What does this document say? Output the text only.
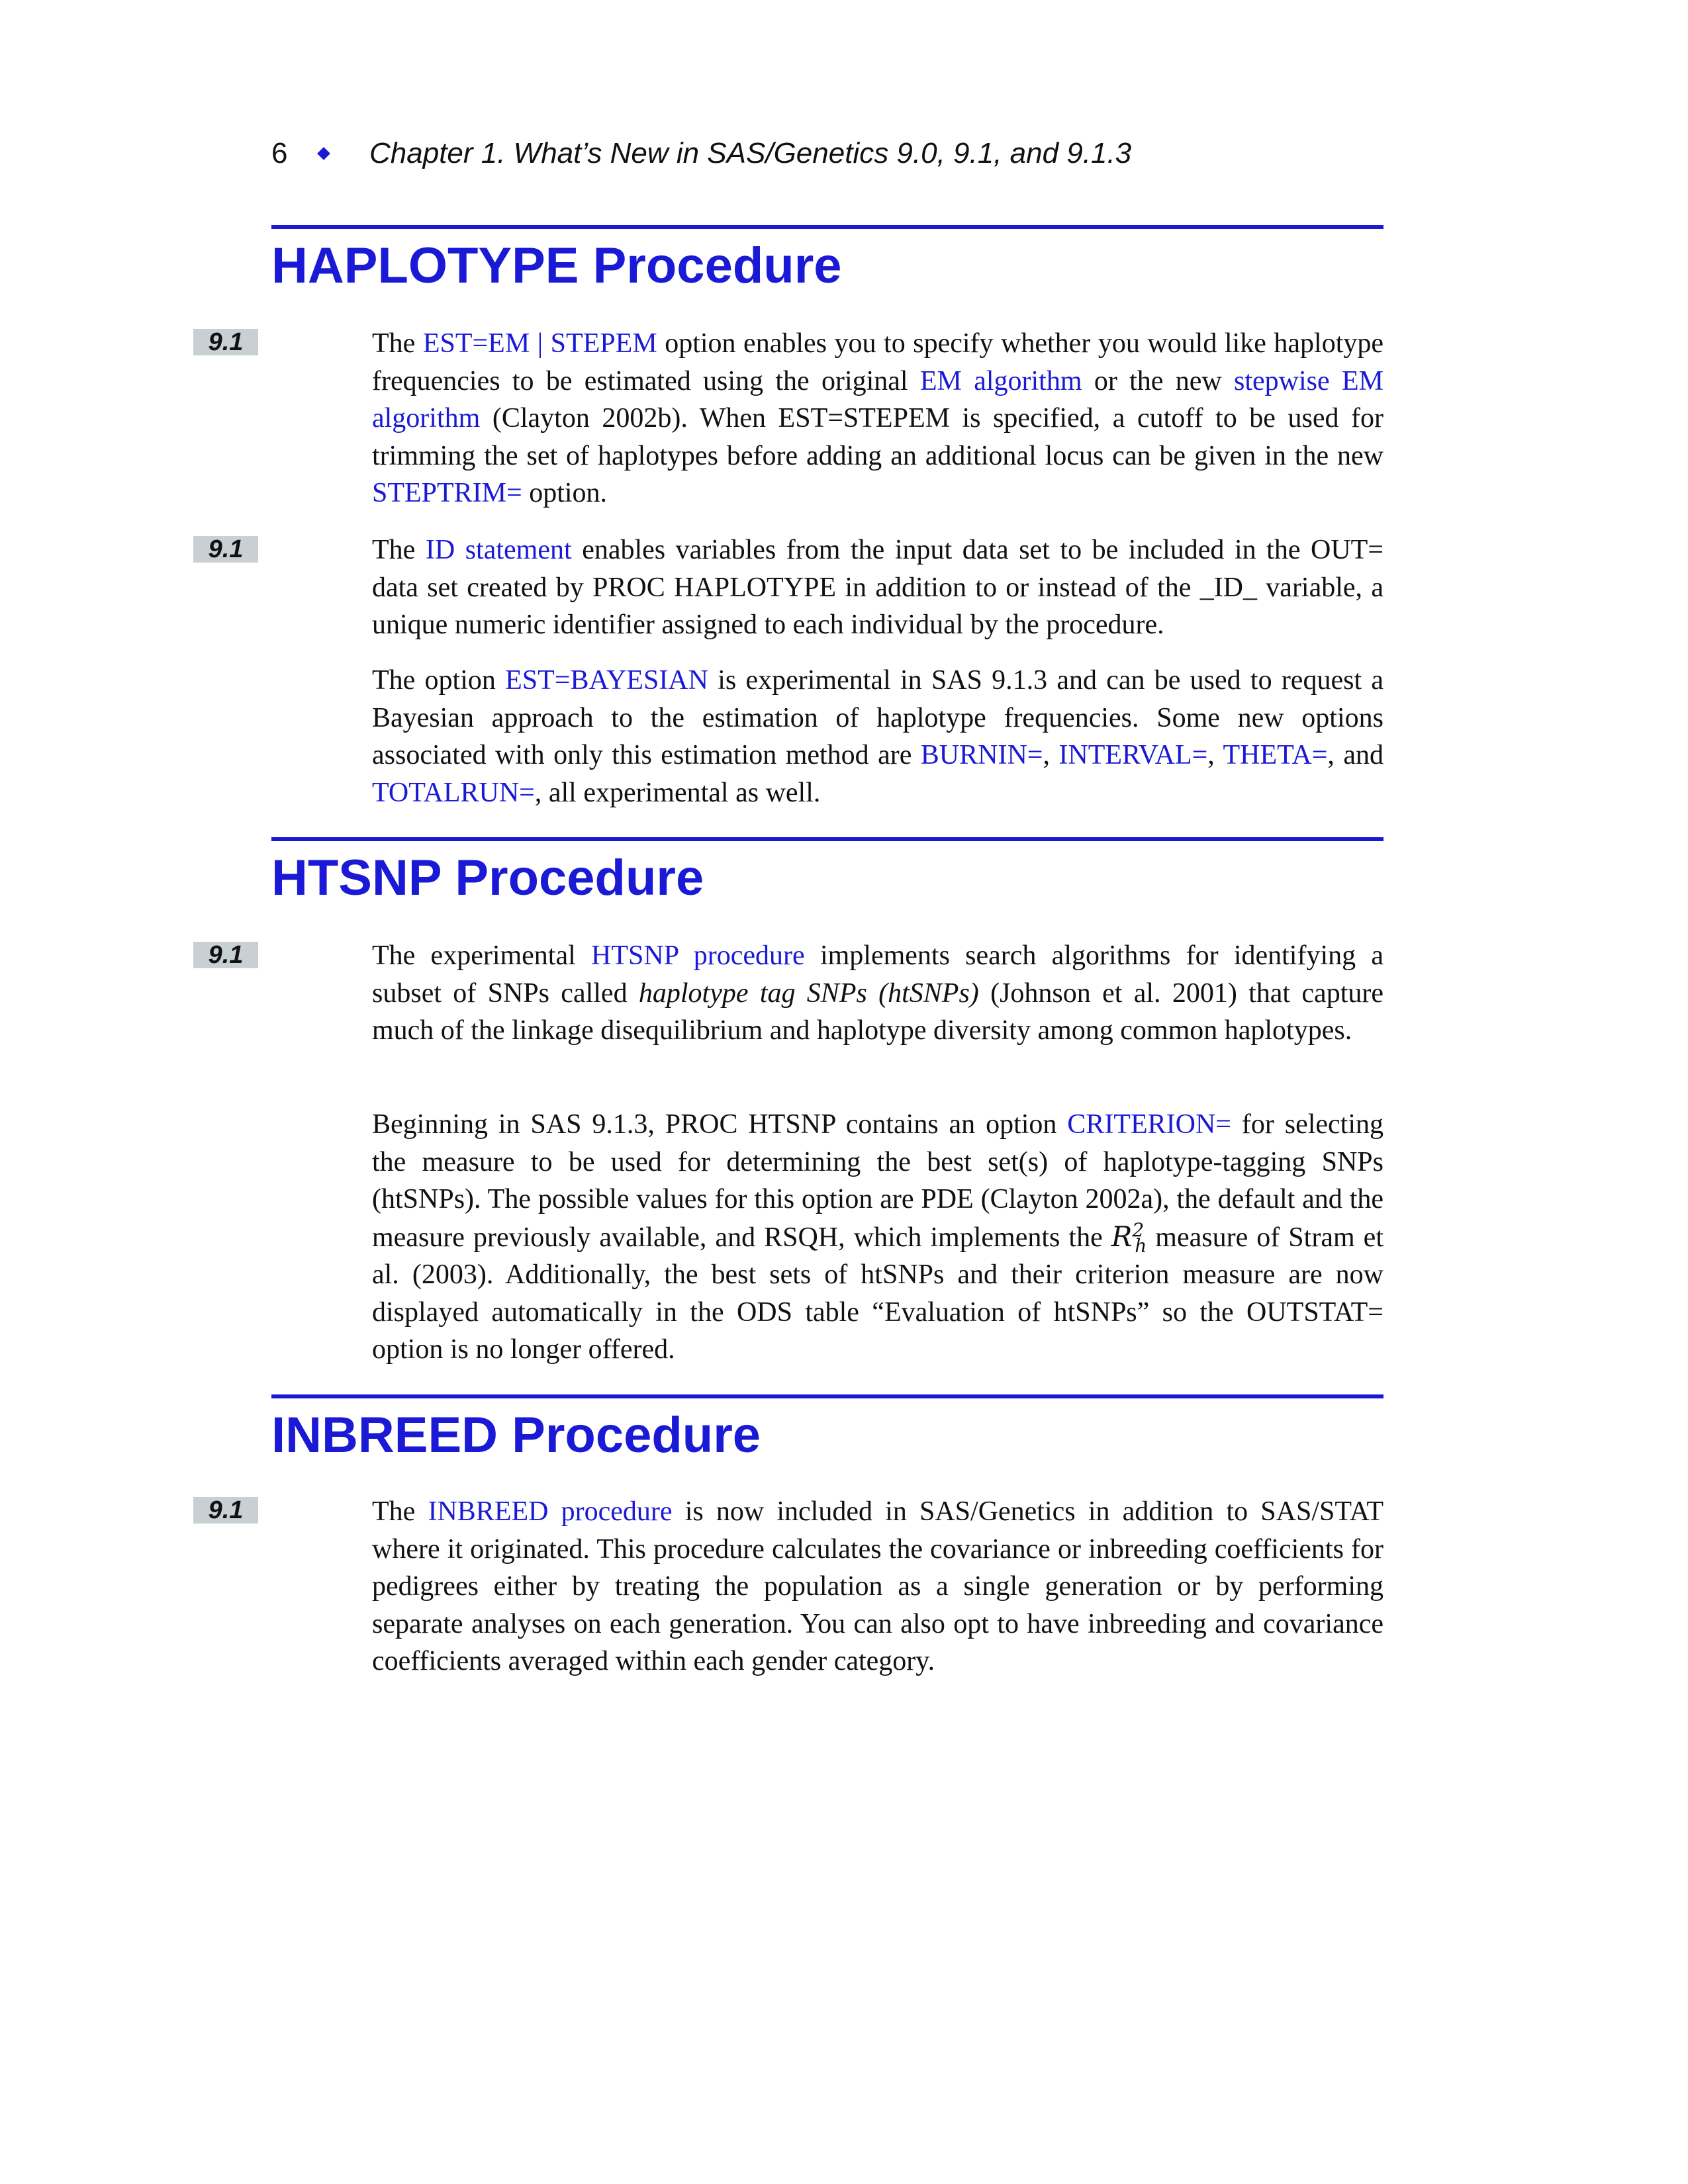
6	Chapter 1. What’s New in SAS/Genetics 9.0, 9.1, and 9.1.3
HAPLOTYPE Procedure
9.1	The EST=EM | STEPEM option enables you to specify whether you would like haplotype frequencies to be estimated using the original EM algorithm or the new stepwise EM algorithm (Clayton 2002b). When EST=STEPEM is specified, a cutoff to be used for trimming the set of haplotypes before adding an additional locus can be given in the new STEPTRIM= option.

9.1	The ID statement enables variables from the input data set to be included in the OUT= data set created by PROC HAPLOTYPE in addition to or instead of the _ID_ variable, a unique numeric identifier assigned to each individual by the procedure.

The option EST=BAYESIAN is experimental in SAS 9.1.3 and can be used to request a Bayesian approach to the estimation of haplotype frequencies. Some new options associated with only this estimation method are BURNIN=, INTERVAL=, THETA=, and TOTALRUN=, all experimental as well.

HTSNP Procedure
9.1	The experimental HTSNP procedure implements search algorithms for identifying a subset of SNPs called haplotype tag SNPs (htSNPs) (Johnson et al. 2001) that capture much of the linkage disequilibrium and haplotype diversity among common haplotypes.

Beginning in SAS 9.1.3, PROC HTSNP contains an option CRITERION= for selecting the measure to be used for determining the best set(s) of haplotype-tagging SNPs (htSNPs). The possible values for this option are PDE (Clayton 2002a), the default and the measure previously available, and RSQH, which implements the $R^2_h$ measure of Stram et al. (2003). Additionally, the best sets of htSNPs and their criterion measure are now displayed automatically in the ODS table “Evaluation of htSNPs” so the OUTSTAT= option is no longer offered.

INBREED Procedure
9.1	The INBREED procedure is now included in SAS/Genetics in addition to SAS/STAT where it originated. This procedure calculates the covariance or inbreeding coefficients for pedigrees either by treating the population as a single generation or by performing separate analyses on each generation. You can also opt to have inbreeding and covariance coefficients averaged within each gender category.
